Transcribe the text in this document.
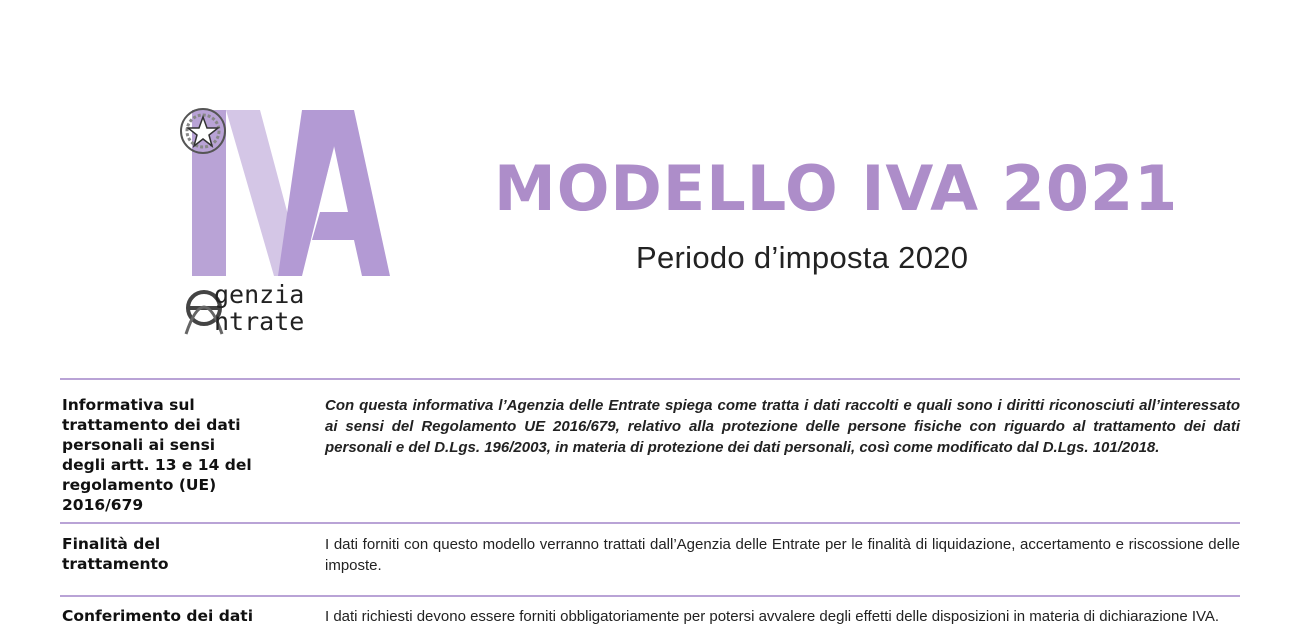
genzia
ntrate
MODELLO IVA 2021
Periodo d’imposta 2020
Informativa sul trattamento dei dati personali ai sensi degli artt. 13 e 14 del regolamento (UE) 2016/679
Con questa informativa l’Agenzia delle Entrate spiega come tratta i dati raccolti e quali sono i diritti riconosciuti all’interessato ai sensi del Regolamento UE 2016/679, relativo alla protezione delle persone fisiche con riguardo al trattamento dei dati personali e del D.Lgs. 196/2003, in materia di protezione dei dati personali, così come modificato dal D.Lgs. 101/2018.
Finalità del trattamento
I dati forniti con questo modello verranno trattati dall’Agenzia delle Entrate per le finalità di liquidazione, accertamento e riscossione delle imposte.
Conferimento dei dati	I dati richiesti devono essere forniti obbligatoriamente per potersi avvalere degli effetti delle disposizioni in materia di dichiarazione IVA.
